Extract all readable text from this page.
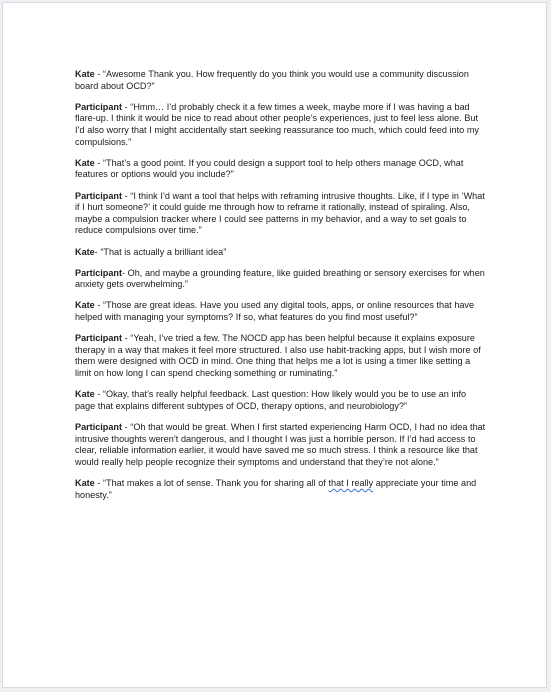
Kate - “Awesome Thank you. How frequently do you think you would use a community discussion board about OCD?”

Participant - “Hmm… I’d probably check it a few times a week, maybe more if I was having a bad flare-up. I think it would be nice to read about other people’s experiences, just to feel less alone. But I’d also worry that I might accidentally start seeking reassurance too much, which could feed into my compulsions.”

Kate - “That’s a good point. If you could design a support tool to help others manage OCD, what features or options would you include?”

Participant - “I think I’d want a tool that helps with reframing intrusive thoughts. Like, if I type in ‘What if I hurt someone?’ it could guide me through how to reframe it rationally, instead of spiraling. Also, maybe a compulsion tracker where I could see patterns in my behavior, and a way to set goals to reduce compulsions over time.”

Kate- “That is actually a brilliant idea”

Participant- Oh, and maybe a grounding feature, like guided breathing or sensory exercises for when anxiety gets overwhelming.”

Kate - “Those are great ideas. Have you used any digital tools, apps, or online resources that have helped with managing your symptoms? If so, what features do you find most useful?”

Participant - “Yeah, I’ve tried a few. The NOCD app has been helpful because it explains exposure therapy in a way that makes it feel more structured. I also use habit-tracking apps, but I wish more of them were designed with OCD in mind. One thing that helps me a lot is using a timer like setting a limit on how long I can spend checking something or ruminating.”

Kate - “Okay, that’s really helpful feedback. Last question: How likely would you be to use an info page that explains different subtypes of OCD, therapy options, and neurobiology?”

Participant - “Oh that would be great. When I first started experiencing Harm OCD, I had no idea that intrusive thoughts weren’t dangerous, and I thought I was just a horrible person. If I’d had access to clear, reliable information earlier, it would have saved me so much stress. I think a resource like that would really help people recognize their symptoms and understand that they’re not alone.”

Kate - “That makes a lot of sense. Thank you for sharing all of that I really appreciate your time and honesty.”
